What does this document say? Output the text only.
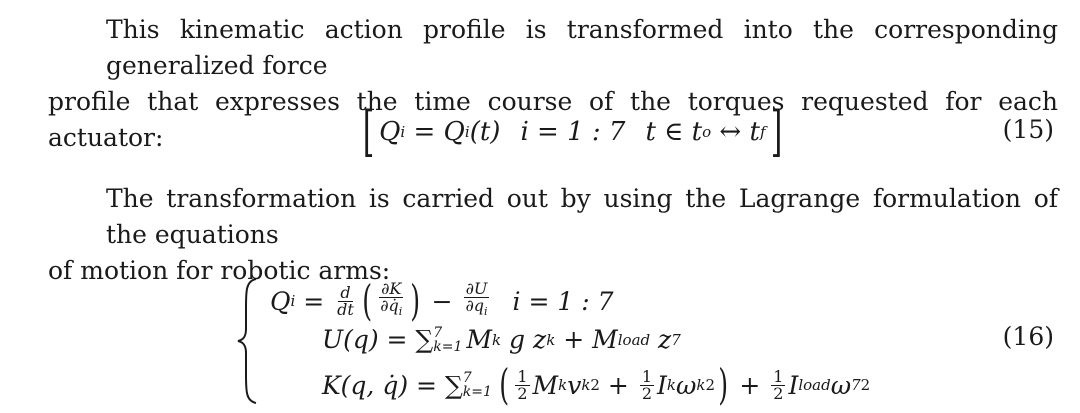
This kinematic action profile is transformed into the corresponding generalized force
profile that expresses the time course of the torques requested for each actuator:	[ Q i = Q i (t) i = 1 : 7 t ∈ t o ↔ t f ]	(15)

The transformation is carried out by using the Lagrange formulation of the equations
of motion for robotic arms:

Q $i = \frac{d}{dt}$ ( $\frac{\partial K}{\partial q̇_i}$ ) − $\frac{\partial U}{\partial q_i}$ i = 1 : 7
U(q) = ∑ 7
k=1 M k g z k + M load z 7
K(q, q̇) = ∑ 7
k=1 ( $\frac{1}{2}$ M k v k $2 + \frac{1}{2}$ I k ω k 2 ) + $\frac{1}{2}$ I load ω 7 2
(16)
